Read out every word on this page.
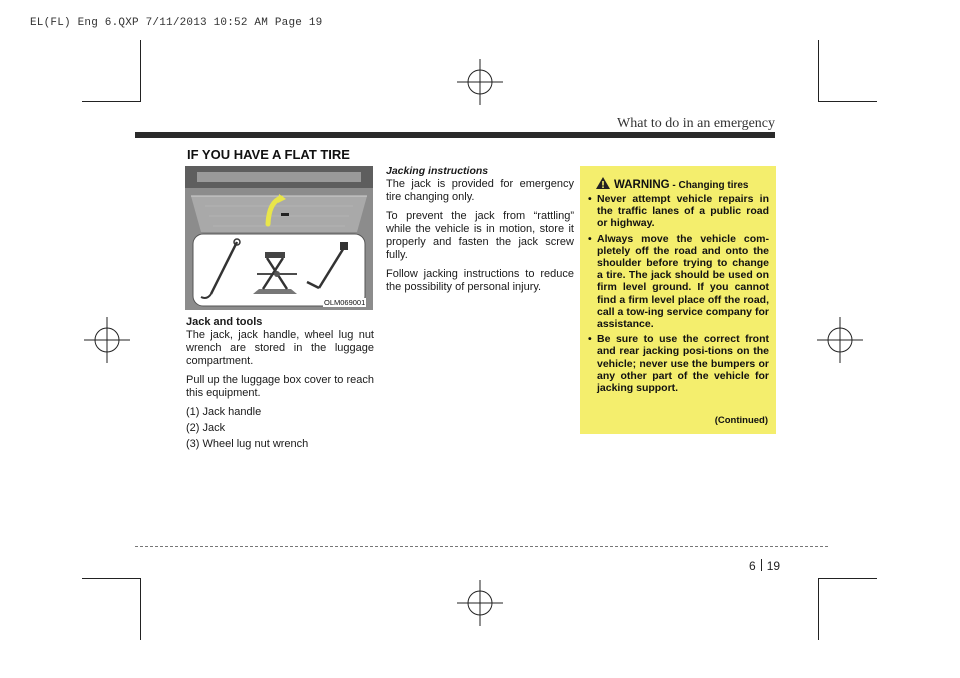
EL(FL) Eng 6.QXP 7/11/2013 10:52 AM Page 19
What to do in an emergency
IF YOU HAVE A FLAT TIRE
OLM069001

Jack and tools

The jack, jack handle, wheel lug nut wrench are stored in the luggage compartment.

Pull up the luggage box cover to reach this equipment.

(1) Jack handle

(2) Jack

(3) Wheel lug nut wrench

Jacking instructions

The jack is provided for emergency tire changing only.

To prevent the jack from “rattling” while the vehicle is in motion, store it properly and fasten the jack screw fully.

Follow jacking instructions to reduce the possibility of personal injury.

WARNING - Changing tires
• Never attempt vehicle repairs in the traffic lanes of a public road or highway.
• Always move the vehicle com-pletely off the road and onto the shoulder before trying to change a tire. The jack should be used on firm level ground. If you cannot find a firm level place off the road, call a tow-ing service company for assistance.
• Be sure to use the correct front and rear jacking posi-tions on the vehicle; never use the bumpers or any other part of the vehicle for jacking support.
(Continued)
6 19
